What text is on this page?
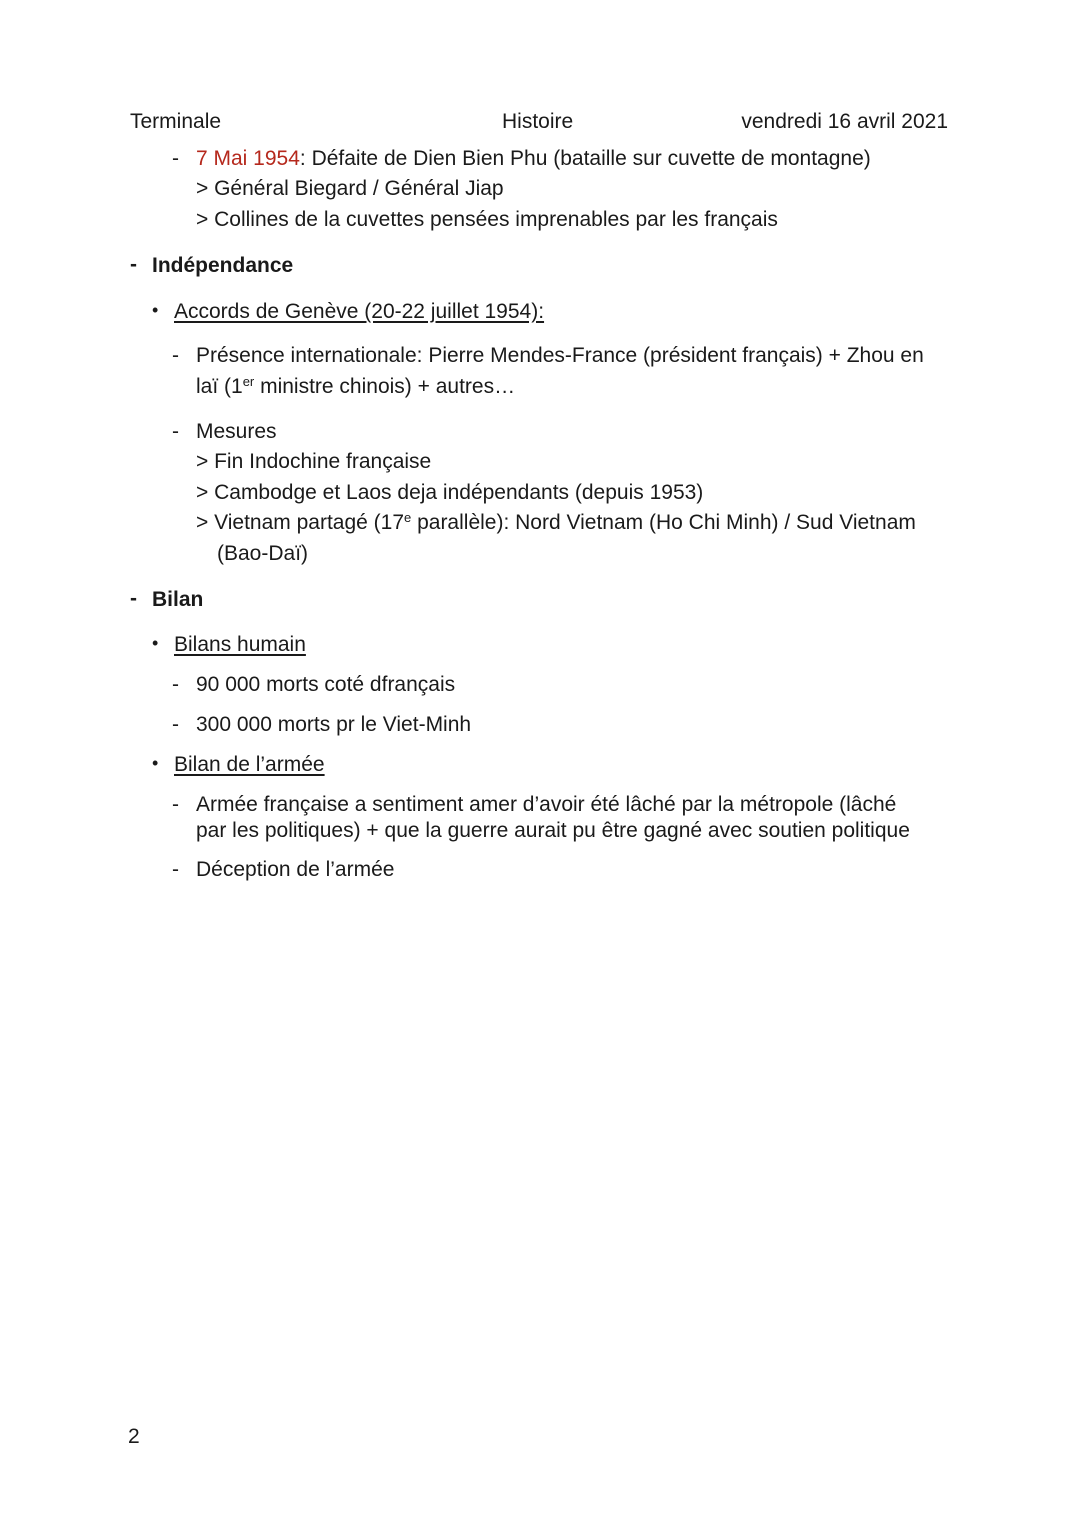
Terminale	Histoire	vendredi 16 avril 2021
- 7 Mai 1954: Défaite de Dien Bien Phu (bataille sur cuvette de montagne)
> Général Biegard / Général Jiap
> Collines de la cuvettes pensées imprenables par les français
- Indépendance
• Accords de Genève (20-22 juillet 1954):
- Présence internationale: Pierre Mendes-France (président français) + Zhou en
laï (1er ministre chinois) + autres…
- Mesures
> Fin Indochine française
> Cambodge et Laos deja indépendants (depuis 1953)
> Vietnam partagé (17e parallèle): Nord Vietnam (Ho Chi Minh) / Sud Vietnam
(Bao-Daï)
- Bilan
• Bilans humain
- 90 000 morts coté dfrançais
- 300 000 morts pr le Viet-Minh
• Bilan de l’armée
- Armée française a sentiment amer d’avoir été lâché par la métropole (lâché
par les politiques) + que la guerre aurait pu être gagné avec soutien politique
- Déception de l’armée
2
